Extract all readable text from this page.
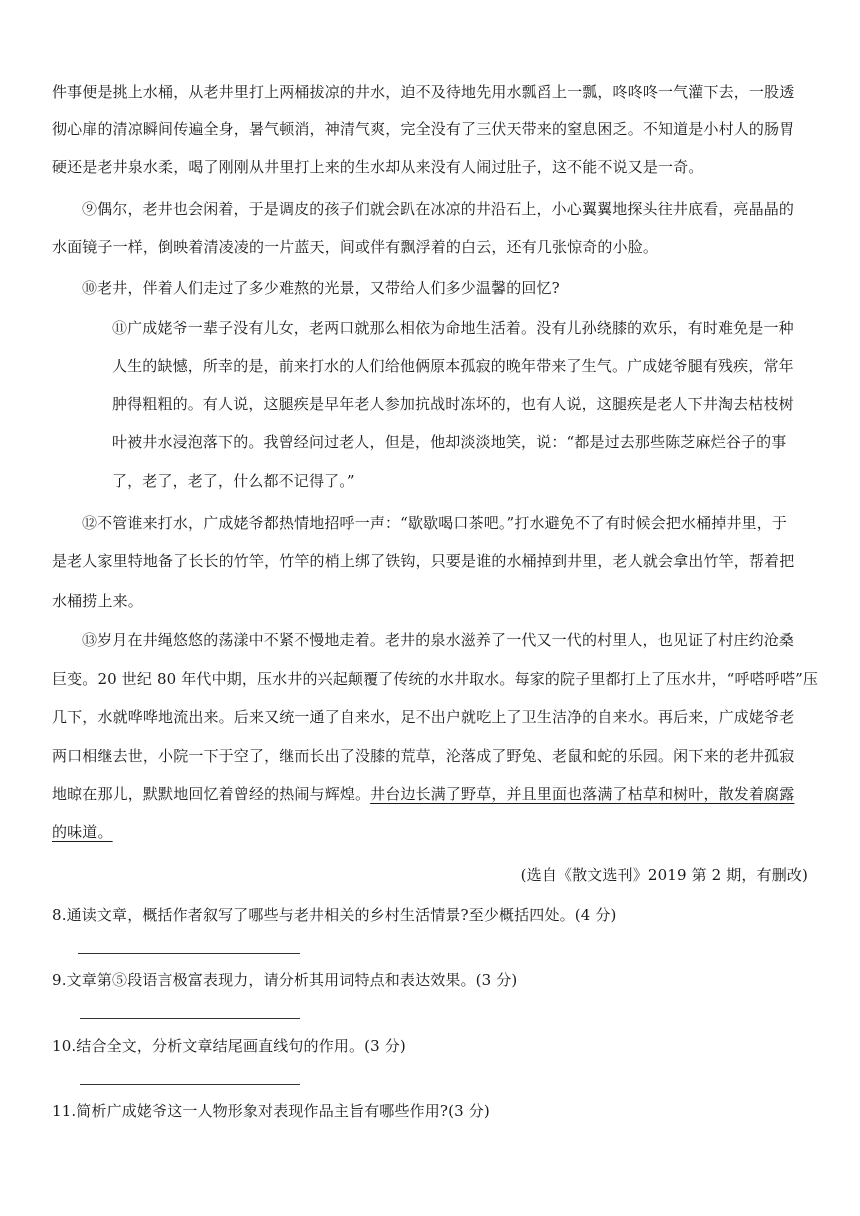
件事便是挑上水桶，从老井里打上两桶拔凉的井水，迫不及待地先用水瓢舀上一瓢，咚咚咚一气灌下去，一股透
彻心扉的清凉瞬间传遍全身，暑气顿消，神清气爽，完全没有了三伏天带来的窒息困乏。不知道是小村人的肠胃
硬还是老井泉水柔，喝了刚刚从井里打上来的生水却从来没有人闹过肚子，这不能不说又是一奇。
⑨偶尔，老井也会闲着，于是调皮的孩子们就会趴在冰凉的井沿石上，小心翼翼地探头往井底看，亮晶晶的
水面镜子一样，倒映着清凌凌的一片蓝天，间或伴有飘浮着的白云，还有几张惊奇的小脸。
⑩老井，伴着人们走过了多少难熬的光景，又带给人们多少温馨的回忆?
⑪广成姥爷一辈子没有儿女，老两口就那么相依为命地生活着。没有儿孙绕膝的欢乐，有时难免是一种
人生的缺憾，所幸的是，前来打水的人们给他俩原本孤寂的晚年带来了生气。广成姥爷腿有残疾，常年
肿得粗粗的。有人说，这腿疾是早年老人参加抗战时冻坏的，也有人说，这腿疾是老人下井淘去枯枝树
叶被井水浸泡落下的。我曾经问过老人，但是，他却淡淡地笑，说：“都是过去那些陈芝麻烂谷子的事
了，老了，老了，什么都不记得了。”
⑫不管谁来打水，广成姥爷都热情地招呼一声：“歇歇喝口茶吧。”打水避免不了有时候会把水桶掉井里，于
是老人家里特地备了长长的竹竿，竹竿的梢上绑了铁钩，只要是谁的水桶掉到井里，老人就会拿出竹竿，帮着把
水桶捞上来。
⑬岁月在井绳悠悠的荡漾中不紧不慢地走着。老井的泉水滋养了一代又一代的村里人，也见证了村庄约沧桑
巨变。20 世纪 80 年代中期，压水井的兴起颠覆了传统的水井取水。每家的院子里都打上了压水井，“呼嗒呼嗒”压
几下，水就哗哗地流出来。后来又统一通了自来水，足不出户就吃上了卫生洁净的自来水。再后来，广成姥爷老
两口相继去世，小院一下于空了，继而长出了没膝的荒草，沦落成了野兔、老鼠和蛇的乐园。闲下来的老井孤寂
地晾在那儿，默默地回忆着曾经的热闹与辉煌。井台边长满了野草，并且里面也落满了枯草和树叶，散发着腐露
的味道。
(选自《散文选刊》2019 第 2 期，有删改)
8.通读文章，概括作者叙写了哪些与老井相关的乡村生活情景?至少概括四处。(4 分)
9.文章第⑤段语言极富表现力，请分析其用词特点和表达效果。(3 分)
10.结合全文，分析文章结尾画直线句的作用。(3 分)
11.简析广成姥爷这一人物形象对表现作品主旨有哪些作用?(3 分)
